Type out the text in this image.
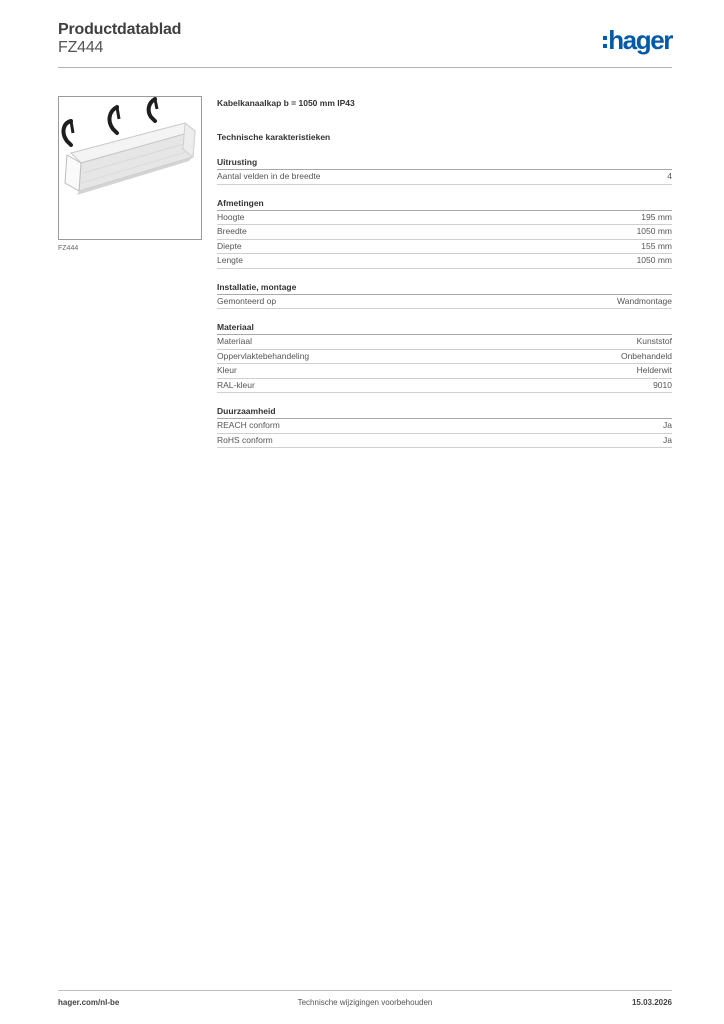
Productdatablad
FZ444	hager
FZ444
Kabelkanaalkap b = 1050 mm IP43
Technische karakteristieken
Uitrusting
Aantal velden in de breedte	4
Afmetingen
Hoogte	195 mm
Breedte	1050 mm
Diepte	155 mm
Lengte	1050 mm
Installatie, montage
Gemonteerd op	Wandmontage
Materiaal
Materiaal	Kunststof
Oppervlaktebehandeling	Onbehandeld
Kleur	Helderwit
RAL-kleur	9010
Duurzaamheid
REACH conform	Ja
RoHS conform	Ja
hager.com/nl-be	Technische wijzigingen voorbehouden	15.03.2026
